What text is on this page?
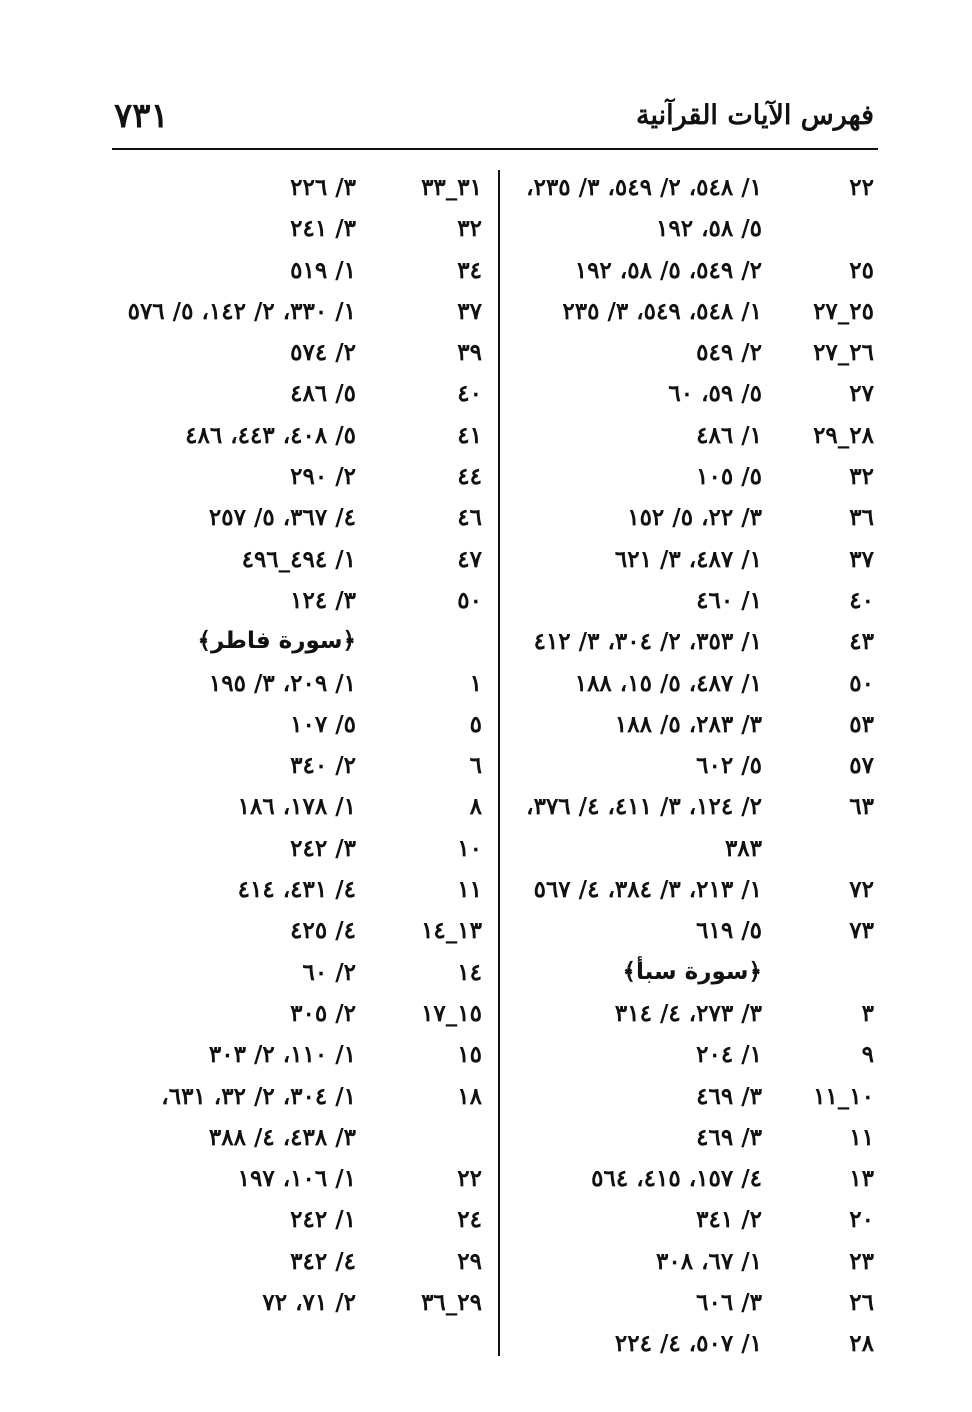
٧٣١	فهرس الآيات القرآنية
٢٢
١/ ٥٤٨، ٢/ ٥٤٩، ٣/ ٢٣٥،
٥/ ٥٨، ١٩٢
٢٥
٢/ ٥٤٩، ٥/ ٥٨، ١٩٢
٢٥_٢٧
١/ ٥٤٨، ٥٤٩، ٣/ ٢٣٥
٢٦_٢٧
٢/ ٥٤٩
٢٧
٥/ ٥٩، ٦٠
٢٨_٢٩
١/ ٤٨٦
٣٢
٥/ ١٠٥
٣٦
٣/ ٢٢، ٥/ ١٥٢
٣٧
١/ ٤٨٧، ٣/ ٦٢١
٤٠
١/ ٤٦٠
٤٣
١/ ٣٥٣، ٢/ ٣٠٤، ٣/ ٤١٢
٥٠
١/ ٤٨٧، ٥/ ١٥، ١٨٨
٥٣
٣/ ٢٨٣، ٥/ ١٨٨
٥٧
٥/ ٦٠٢
٦٣
٢/ ١٢٤، ٣/ ٤١١، ٤/ ٣٧٦،
٣٨٣
٧٢
١/ ٢١٣، ٣/ ٣٨٤، ٤/ ٥٦٧
٧٣
٥/ ٦١٩
﴿سورة سبأ﴾
٣
٣/ ٢٧٣، ٤/ ٣١٤
٩
١/ ٢٠٤
١٠_١١
٣/ ٤٦٩
١١
٣/ ٤٦٩
١٣
٤/ ١٥٧، ٤١٥، ٥٦٤
٢٠
٢/ ٣٤١
٢٣
١/ ٦٧، ٣٠٨
٢٦
٣/ ٦٠٦
٢٨
١/ ٥٠٧، ٤/ ٢٢٤
٣١_٣٣
٣/ ٢٢٦
٣٢
٣/ ٢٤١
٣٤
١/ ٥١٩
٣٧
١/ ٣٣٠، ٢/ ١٤٢، ٥/ ٥٧٦
٣٩
٢/ ٥٧٤
٤٠
٥/ ٤٨٦
٤١
٥/ ٤٠٨، ٤٤٣، ٤٨٦
٤٤
٢/ ٢٩٠
٤٦
٤/ ٣٦٧، ٥/ ٢٥٧
٤٧
١/ ٤٩٤_٤٩٦
٥٠
٣/ ١٢٤
﴿سورة فاطر﴾
١
١/ ٢٠٩، ٣/ ١٩٥
٥
٥/ ١٠٧
٦
٢/ ٣٤٠
٨
١/ ١٧٨، ١٨٦
١٠
٣/ ٢٤٢
١١
٤/ ٤٣١، ٤١٤
١٣_١٤
٤/ ٤٢٥
١٤
٢/ ٦٠
١٥_١٧
٢/ ٣٠٥
١٥
١/ ١١٠، ٢/ ٣٠٣
١٨
١/ ٣٠٤، ٢/ ٣٢، ٦٣١،
٣/ ٤٣٨، ٤/ ٣٨٨
٢٢
١/ ١٠٦، ١٩٧
٢٤
١/ ٢٤٢
٢٩
٤/ ٣٤٢
٢٩_٣٦
٢/ ٧١، ٧٢
